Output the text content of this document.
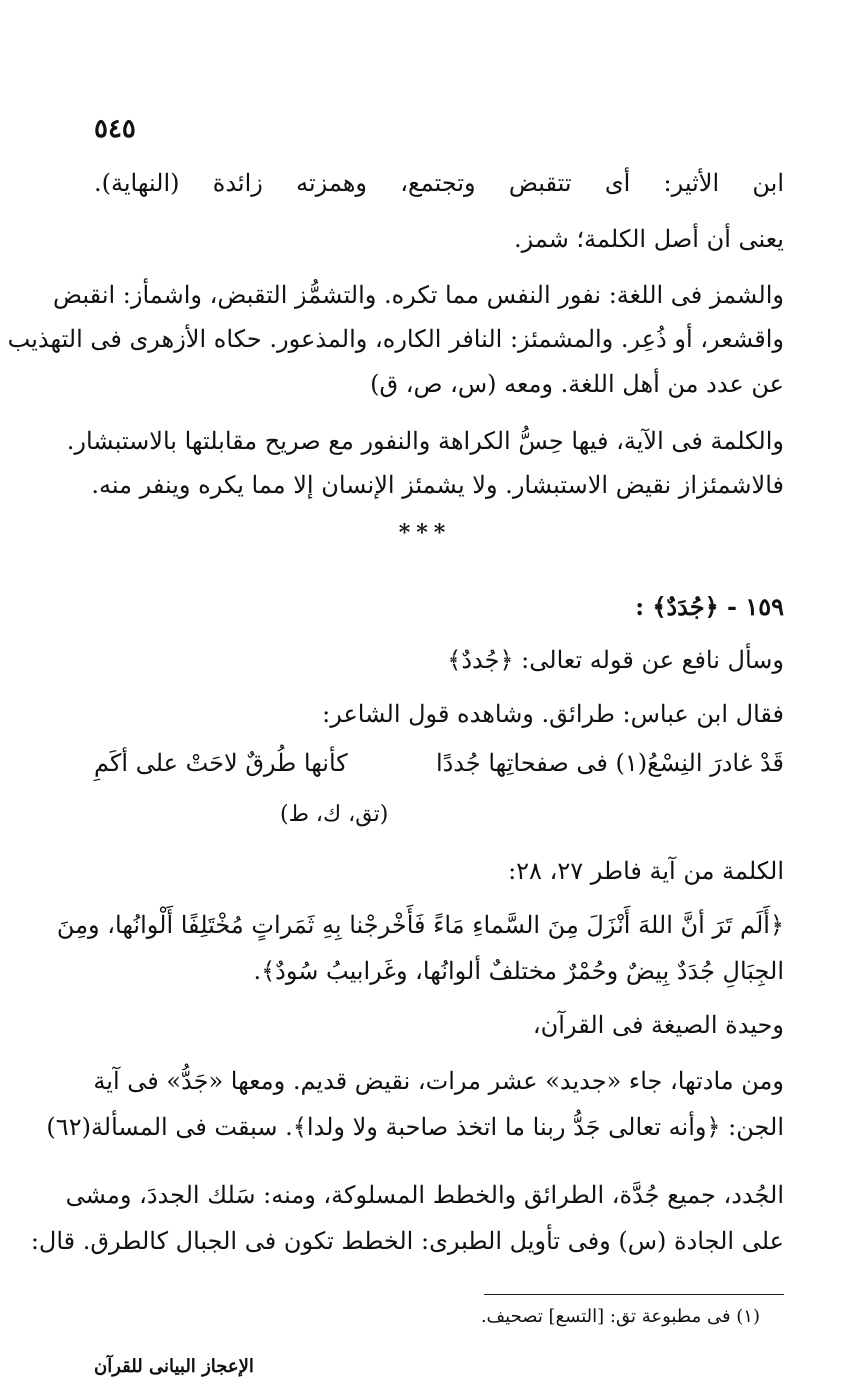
٥٤٥
ابن الأثير: أى تتقبض وتجتمع، وهمزته زائدة (النهاية).
يعنى أن أصل الكلمة؛ شمز.
والشمز فى اللغة: نفور النفس مما تكره. والتشمُّز التقبض، واشمأز: انقبض
واقشعر، أو ذُعِر. والمشمئز: النافر الكاره، والمذعور. حكاه الأزهرى فى التهذيب
عن عدد من أهل اللغة. ومعه (س، ص، ق)
والكلمة فى الآية، فيها حِسُّ الكراهة والنفور مع صريح مقابلتها بالاستبشار.
فالاشمئزاز نقيض الاستبشار. ولا يشمئز الإنسان إلا مما يكره وينفر منه.
***
١٥٩ - ﴿جُدَدٌ﴾ :
وسأل نافع عن قوله تعالى: ﴿جُددٌ﴾
فقال ابن عباس: طرائق. وشاهده قول الشاعر:
قَدْ غادرَ النِسْعُ(١) فى صفحاتِها جُددًا
كأنها طُرقٌ لاحَتْ على أكَمِ
(تق، ك، ط)
الكلمة من آية فاطر ٢٧، ٢٨:
﴿أَلَم تَرَ أنَّ اللهَ أَنْزَلَ مِنَ السَّماءِ مَاءً فَأَخْرجْنا بِهِ ثَمَراتٍ مُخْتَلِفًا أَلْوانُها، ومِنَ
الجِبَالِ جُدَدٌ بِيضٌ وحُمْرٌ مختلفٌ ألوانُها، وغَرابيبُ سُودٌ﴾.
وحيدة الصيغة فى القرآن،
ومن مادتها، جاء «جديد» عشر مرات، نقيض قديم. ومعها «جَدُّ» فى آية
الجن: ﴿وأنه تعالى جَدُّ ربنا ما اتخذ صاحبة ولا ولدا﴾. سبقت فى المسألة(٦٢)
الجُدد، جميع جُدَّة، الطرائق والخطط المسلوكة، ومنه: سَلك الجددَ، ومشى
على الجادة (س) وفى تأويل الطبرى: الخطط تكون فى الجبال كالطرق. قال:
(١) فى مطبوعة تق: [التسع] تصحيف.
الإعجاز البيانى للقرآن
